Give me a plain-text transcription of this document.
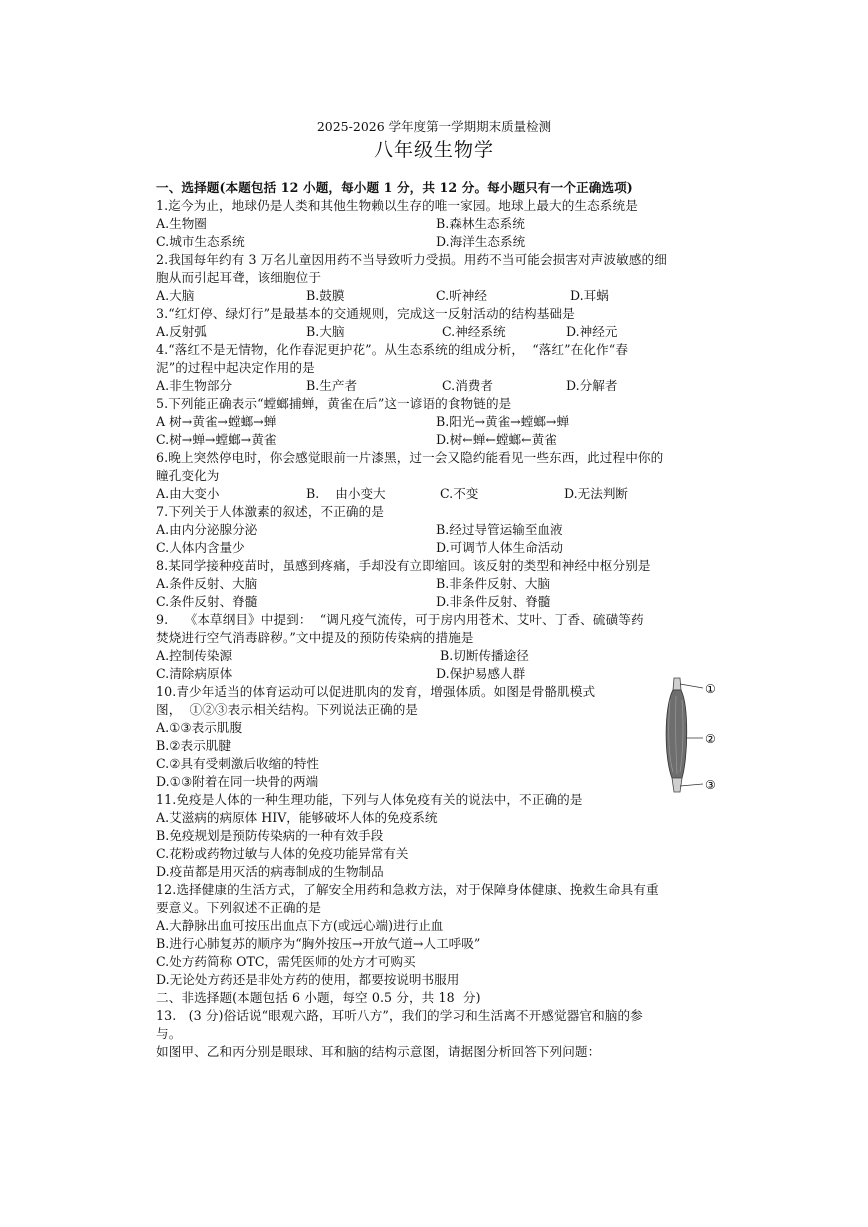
2025-2026 学年度第一学期期末质量检测
八年级生物学
一、选择题(本题包括 12 小题，每小题 1 分，共 12 分。每小题只有一个正确选项)
1.迄今为止，地球仍是人类和其他生物赖以生存的唯一家园。地球上最大的生态系统是
A.生物圈	B.森林生态系统
C.城市生态系统	D.海洋生态系统
2.我国每年约有 3 万名儿童因用药不当导致听力受损。用药不当可能会损害对声波敏感的细
胞从而引起耳聋，该细胞位于
A.大脑	B.鼓膜	C.听神经	D.耳蜗
3.“红灯停、绿灯行”是最基本的交通规则，完成这一反射活动的结构基础是
A.反射弧	B.大脑	C.神经系统	D.神经元
4.“落红不是无情物，化作春泥更护花”。从生态系统的组成分析，  “落红”在化作“春
泥”的过程中起决定作用的是
A.非生物部分	B.生产者	C.消费者	D.分解者
5.下列能正确表示“螳螂捕蝉，黄雀在后”这一谚语的食物链的是
A 树→黄雀→螳螂→蝉	B.阳光→黄雀→螳螂→蝉
C.树→蝉→螳螂→黄雀	D.树←蝉←螳螂←黄雀
6.晚上突然停电时，你会感觉眼前一片漆黑，过一会又隐约能看见一些东西，此过程中你的
瞳孔变化为
A.由大变小	B.    由小变大	C.不变	D.无法判断
7.下列关于人体激素的叙述，不正确的是
A.由内分泌腺分泌	B.经过导管运输至血液
C.人体内含量少	D.可调节人体生命活动
8.某同学接种疫苗时，虽感到疼痛，手却没有立即缩回。该反射的类型和神经中枢分别是
A.条件反射、大脑	B.非条件反射、大脑
C.条件反射、脊髓	D.非条件反射、脊髓
9.    《本草纲目》中提到：  “调凡疫气流传，可于房内用苍术、艾叶、丁香、硫磺等药
焚烧进行空气消毒辟秽。”文中提及的预防传染病的措施是
A.控制传染源	B.切断传播途径
C.清除病原体	D.保护易感人群
10.青少年适当的体育运动可以促进肌肉的发育，增强体质。如图是骨骼肌模式
图，  ①②③表示相关结构。下列说法正确的是
A.①③表示肌腹
B.②表示肌腱
C.②具有受刺激后收缩的特性
D.①③附着在同一块骨的两端
①
②
③
11.免疫是人体的一种生理功能，下列与人体免疫有关的说法中，不正确的是
A.艾滋病的病原体 HIV，能够破坏人体的免疫系统
B.免疫规划是预防传染病的一种有效手段
C.花粉或药物过敏与人体的免疫功能异常有关
D.疫苗都是用灭活的病毒制成的生物制品
12.选择健康的生活方式，了解安全用药和急救方法，对于保障身体健康、挽救生命具有重
要意义。下列叙述不正确的是
A.大静脉出血可按压出血点下方(或远心端)进行止血
B.进行心肺复苏的顺序为“胸外按压→开放气道→人工呼吸”
C.处方药简称 OTC，需凭医师的处方才可购买
D.无论处方药还是非处方药的使用，都要按说明书服用
二、非选择题(本题包括 6 小题，每空 0.5 分，共 18  分)
13.   (3 分)俗话说“眼观六路，耳听八方”，我们的学习和生活离不开感觉器官和脑的参
与。
如图甲、乙和丙分别是眼球、耳和脑的结构示意图，请据图分析回答下列问题：
